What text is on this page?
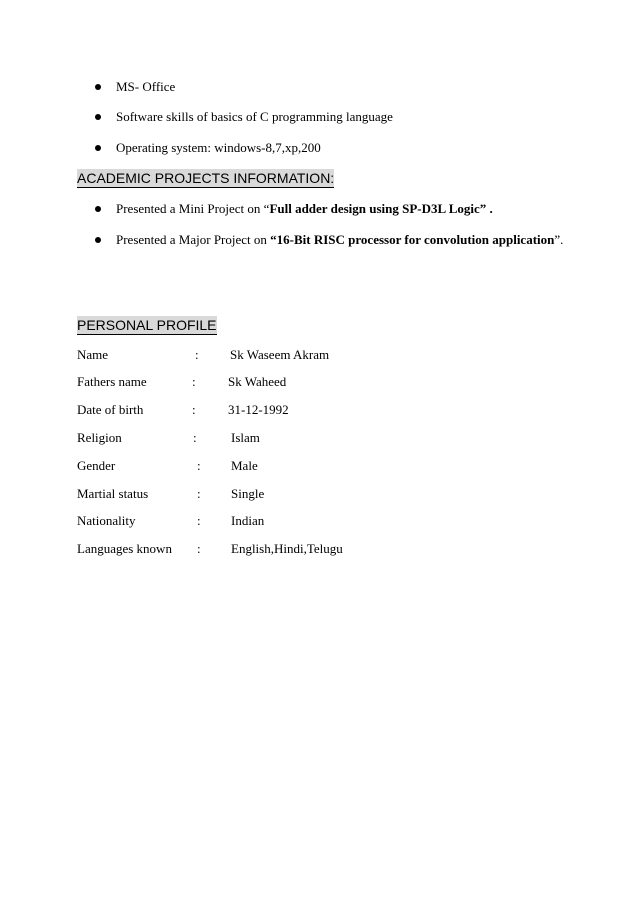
MS- Office
Software skills of basics of C programming language
Operating system: windows-8,7,xp,200
ACADEMIC PROJECTS INFORMATION:
Presented a Mini Project on “Full adder design using SP-D3L Logic” .
Presented a Major Project on “16-Bit RISC processor for convolution application”.
PERSONAL PROFILE
Name	: Sk Waseem Akram
Fathers name	: Sk Waheed
Date of birth	: 31-12-1992
Religion	:	Islam
Gender	: Male
Martial status	: Single
Nationality	: Indian
Languages known : English,Hindi,Telugu
